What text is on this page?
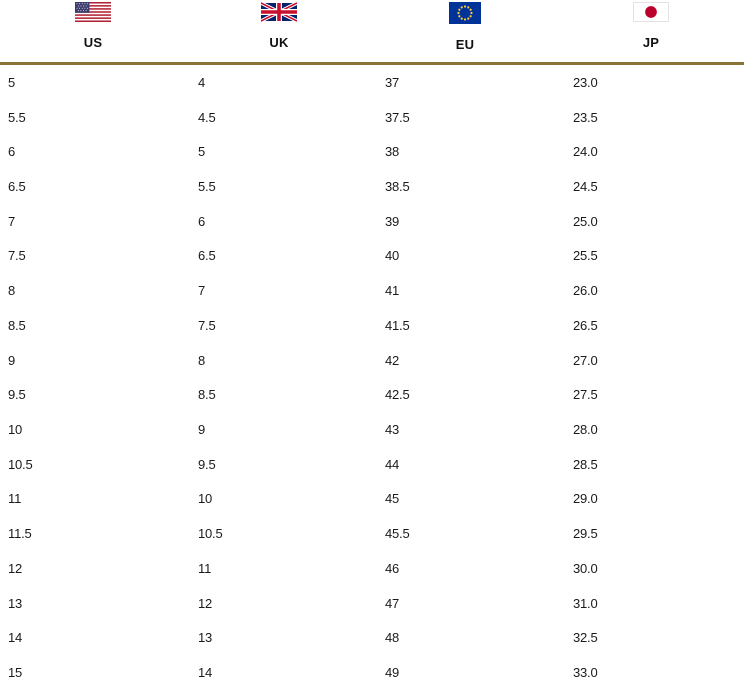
US	UK	EU	JP
5	4	37	23.0
5.5	4.5	37.5	23.5
6	5	38	24.0
6.5	5.5	38.5	24.5
7	6	39	25.0
7.5	6.5	40	25.5
8	7	41	26.0
8.5	7.5	41.5	26.5
9	8	42	27.0
9.5	8.5	42.5	27.5
10	9	43	28.0
10.5	9.5	44	28.5
11	10	45	29.0
11.5	10.5	45.5	29.5
12	11	46	30.0
13	12	47	31.0
14	13	48	32.5
15	14	49	33.0
